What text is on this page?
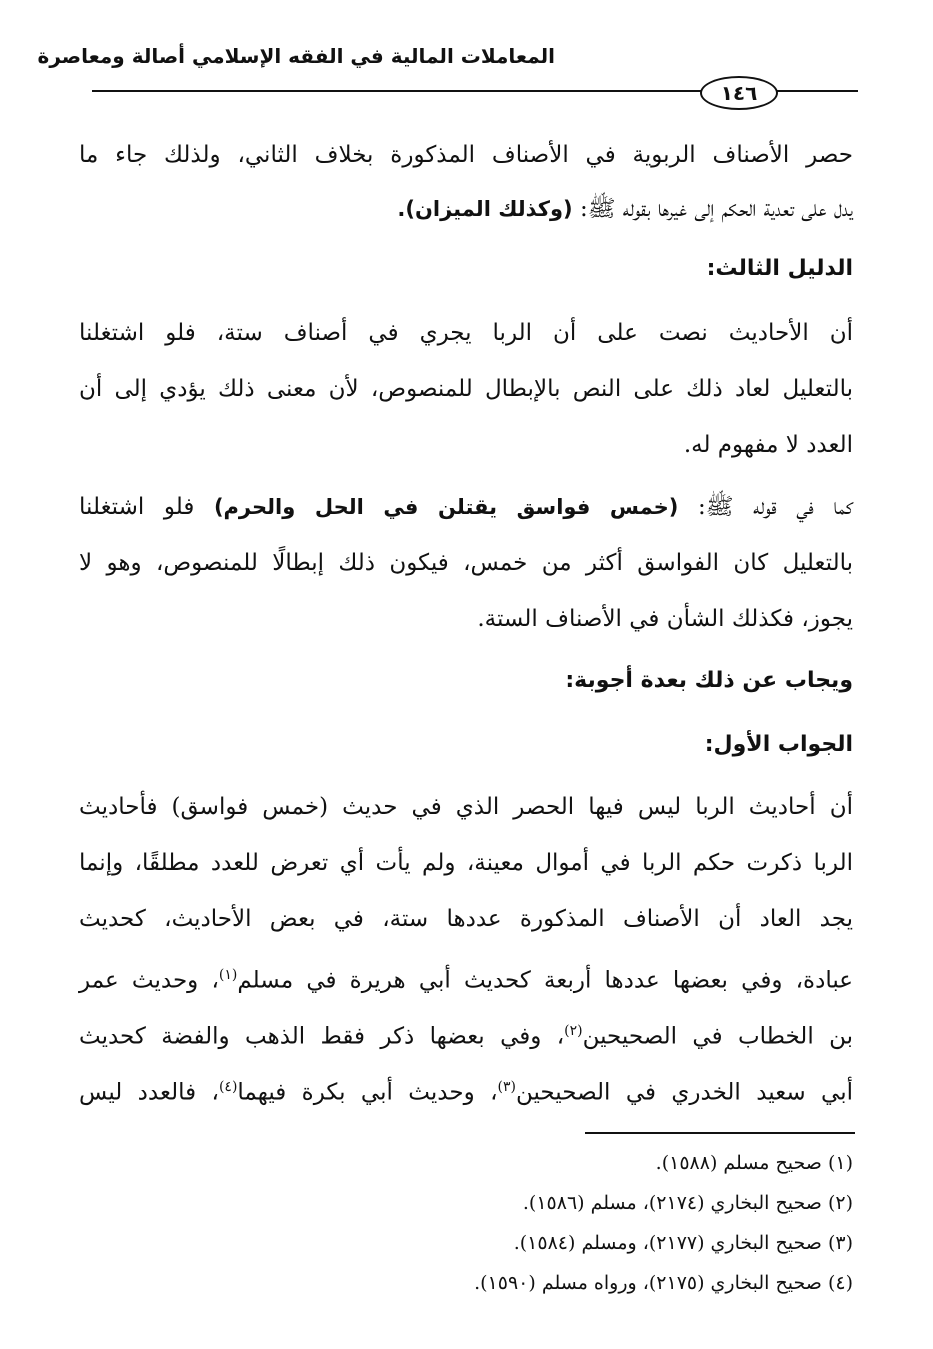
المعاملات المالية في الفقه الإسلامي أصالة ومعاصرة
١٤٦
حصر الأصناف الربوية في الأصناف المذكورة بخلاف الثاني، ولذلك جاء ما
يدل على تعدية الحكم إلى غيرها بقوله ﷺ: (وكذلك الميزان).
الدليل الثالث:
أن الأحاديث نصت على أن الربا يجري في أصناف ستة، فلو اشتغلنا
بالتعليل لعاد ذلك على النص بالإبطال للمنصوص، لأن معنى ذلك يؤدي إلى أن
العدد لا مفهوم له.
كما في قوله ﷺ: (خمس فواسق يقتلن في الحل والحرم) فلو اشتغلنا
بالتعليل كان الفواسق أكثر من خمس، فيكون ذلك إبطالًا للمنصوص، وهو لا
يجوز، فكذلك الشأن في الأصناف الستة.
ويجاب عن ذلك بعدة أجوبة:
الجواب الأول:
أن أحاديث الربا ليس فيها الحصر الذي في حديث (خمس فواسق) فأحاديث
الربا ذكرت حكم الربا في أموال معينة، ولم يأت أي تعرض للعدد مطلقًا، وإنما
يجد العاد أن الأصناف المذكورة عددها ستة، في بعض الأحاديث، كحديث
عبادة، وفي بعضها عددها أربعة كحديث أبي هريرة في مسلم$^{(١)}$، وحديث عمر
بن الخطاب في الصحيحين$^{(٢)}$، وفي بعضها ذكر فقط الذهب والفضة كحديث
أبي سعيد الخدري في الصحيحين$^{(٣)}$، وحديث أبي بكرة فيهما$^{(٤)}$، فالعدد ليس
(١) صحيح مسلم (١٥٨٨).
(٢) صحيح البخاري (٢١٧٤)، مسلم (١٥٨٦).
(٣) صحيح البخاري (٢١٧٧)، ومسلم (١٥٨٤).
(٤) صحيح البخاري (٢١٧٥)، ورواه مسلم (١٥٩٠).
